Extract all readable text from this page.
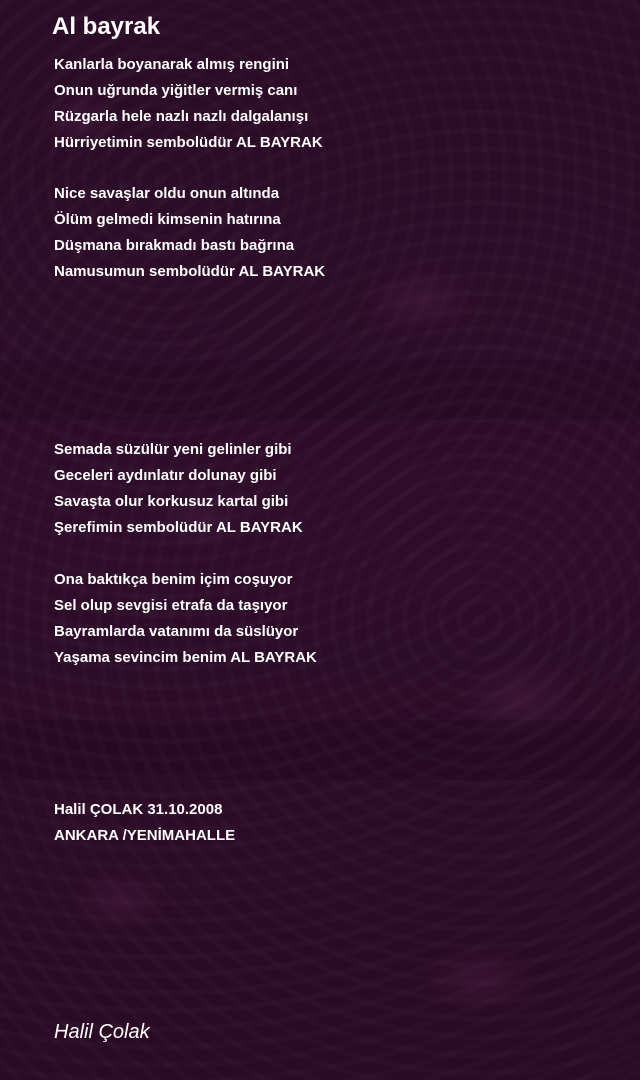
Al bayrak
Kanlarla boyanarak almış rengini
Onun uğrunda yiğitler vermiş canı
Rüzgarla hele nazlı nazlı dalgalanışı
Hürriyetimin sembolüdür AL BAYRAK
Nice savaşlar oldu onun altında
Ölüm gelmedi kimsenin hatırına
Düşmana bırakmadı bastı bağrına
Namusumun sembolüdür AL BAYRAK
Semada süzülür yeni gelinler gibi
Geceleri aydınlatır dolunay gibi
Savaşta olur korkusuz kartal gibi
Şerefimin sembolüdür AL BAYRAK
Ona baktıkça benim içim coşuyor
Sel olup sevgisi etrafa da taşıyor
Bayramlarda vatanımı da süslüyor
Yaşama sevincim benim AL BAYRAK
Halil ÇOLAK 31.10.2008
ANKARA /YENİMAHALLE

Halil Çolak
